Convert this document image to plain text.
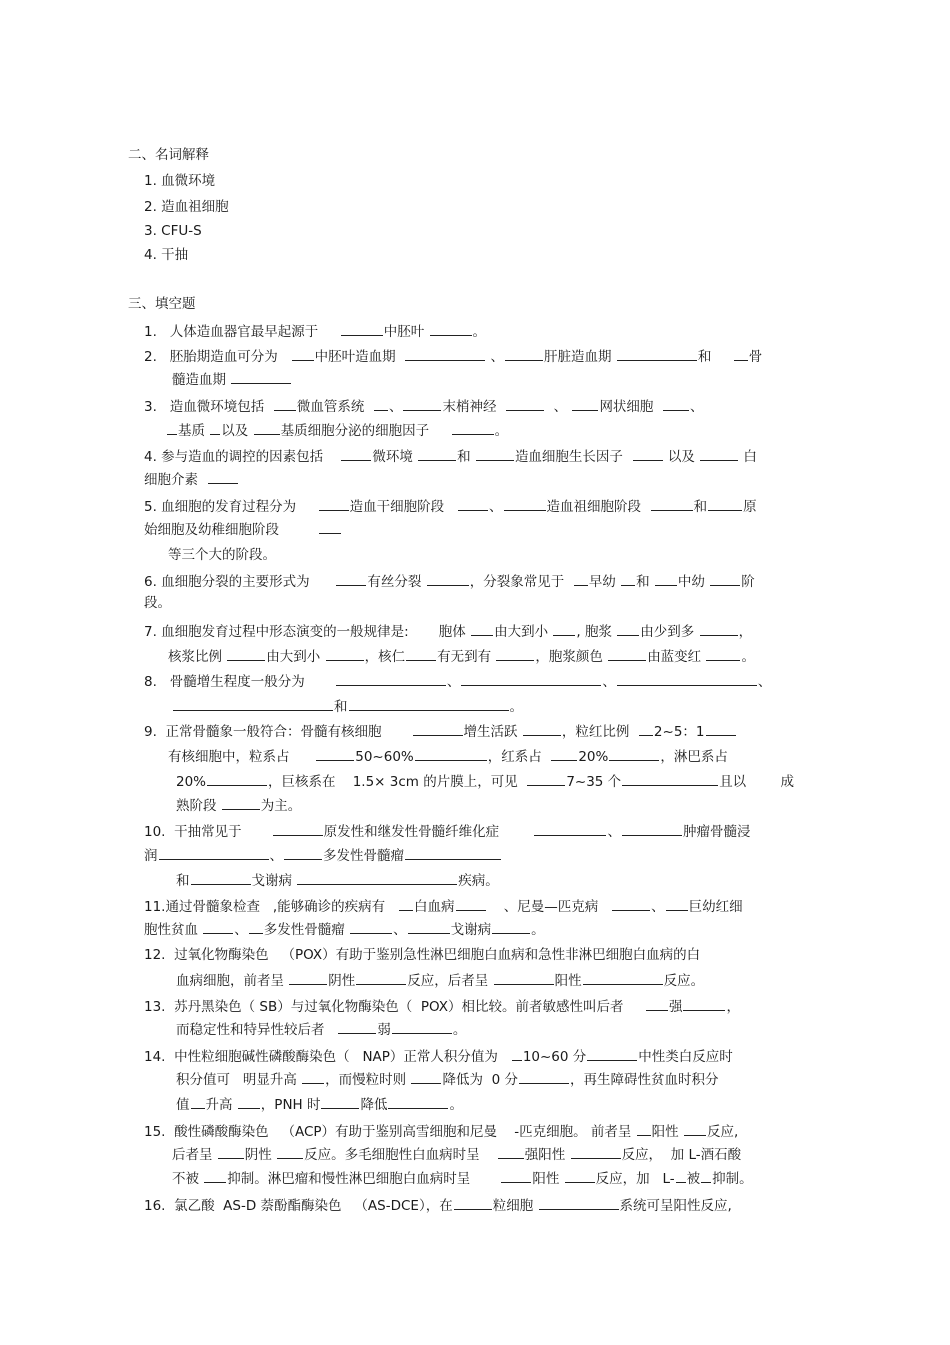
二、名词解释
1. 血微环境
2. 造血祖细胞
3. CFU-S
4. 干抽
三、填空题
1. 人体造血器官最早起源于	中胚叶	。
2. 胚胎期造血可分为	中胚叶造血期	、	肝脏造血期	和	骨
髓造血期
3. 造血微环境包括 微血管系统 、	末梢神经	、 网状细胞	、
基质 以及 基质细胞分泌的细胞因子	。
4. 参与造血的调控的因素包括	微环境	和	造血细胞生长因子	以及	白
细胞介素
5. 血细胞的发育过程分为	造血干细胞阶段	、	造血祖细胞阶段	和	原
始细胞及幼稚细胞阶段
等三个大的阶段。
6. 血细胞分裂的主要形式为	有丝分裂	，分裂象常见于 早幼 和 中幼	阶
段。
7. 血细胞发育过程中形态演变的一般规律是: 胞体 由大到小 , 胞浆 由少到多	，
核浆比例	由大到小	，核仁 有无到有	，胞浆颜色	由蓝变红	。
8. 骨髓增生程度一般分为	、	、	、
和	。
9. 正常骨髓象一般符合：骨髓有核细胞	增生活跃	，粒红比例 2~5：1
有核细胞中，粒系占	50~60%	，红系占	20%	，淋巴系占
20%	，巨核系在 1.5× 3cm 的片膜上，可见	7~35 个	且以	成
熟阶段	为主。
10. 干抽常见于	原发性和继发性骨髓纤维化症	、	肿瘤骨髓浸
润	、	多发性骨髓瘤
和	戈谢病	疾病。
11.通过骨髓象检查 ,能够确诊的疾病有 白血病	、尼曼—匹克病	、 巨幼红细
胞性贫血	、 多发性骨髓瘤	、	戈谢病	。
12. 过氧化物酶染色 （POX）有助于鉴别急性淋巴细胞白血病和急性非淋巴细胞白血病的白
血病细胞，前者呈	阴性	反应，后者呈	阳性	反应。
13. 苏丹黑染色（ SB）与过氧化物酶染色（ POX）相比较。前者敏感性叫后者	强	，
而稳定性和特异性较后者	弱	。
14. 中性粒细胞碱性磷酸酶染色（ NAP）正常人积分值为 10~60 分	中性类白反应时
积分值可 明显升高 ，而慢粒时则	降低为 0 分	，再生障碍性贫血时积分
值 升高 ，PNH 时	降低	。
15. 酸性磷酸酶染色 （ACP）有助于鉴别高雪细胞和尼曼 -匹克细胞。 前者呈 阳性 反应,
后者呈 阴性 反应。多毛细胞性白血病时呈	强阳性	反应， 加 L-酒石酸
不被 抑制。淋巴瘤和慢性淋巴细胞白血病时呈	阳性	反应，加 L- 被 抑制。
16. 氯乙酸 AS-D 萘酚酯酶染色 （AS-DCE），在	粒细胞	系统可呈阳性反应,
